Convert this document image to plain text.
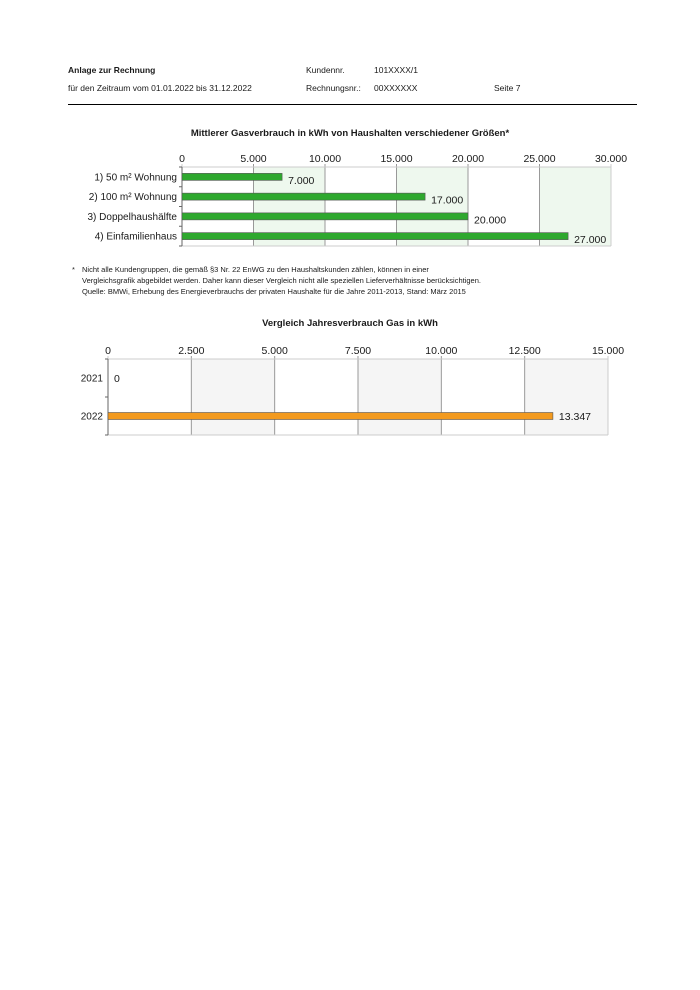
Anlage zur Rechnung
für den Zeitraum vom 01.01.2022 bis 31.12.2022
Kundennr.	101XXXX/1
Rechnungsnr.: 00XXXXXX	Seite 7
Mittlerer Gasverbrauch in kWh von Haushalten verschiedener Größen*
0	5.000	10.000	15.000	20.000	25.000	30.000
1) 50 m² Wohnung	7.000
2) 100 m² Wohnung	17.000
3) Doppelhaushälfte	20.000
4) Einfamilienhaus	27.000
* Nicht alle Kundengruppen, die gemäß §3 Nr. 22 EnWG zu den Haushaltskunden zählen, können in einer
Vergleichsgrafik abgebildet werden. Daher kann dieser Vergleich nicht alle speziellen Lieferverhältnisse berücksichtigen.
Quelle: BMWi, Erhebung des Energieverbrauchs der privaten Haushalte für die Jahre 2011-2013, Stand: März 2015
Vergleich Jahresverbrauch Gas in kWh
0	2.500	5.000	7.500	10.000	12.500	15.000
2021 0
2022	13.347
